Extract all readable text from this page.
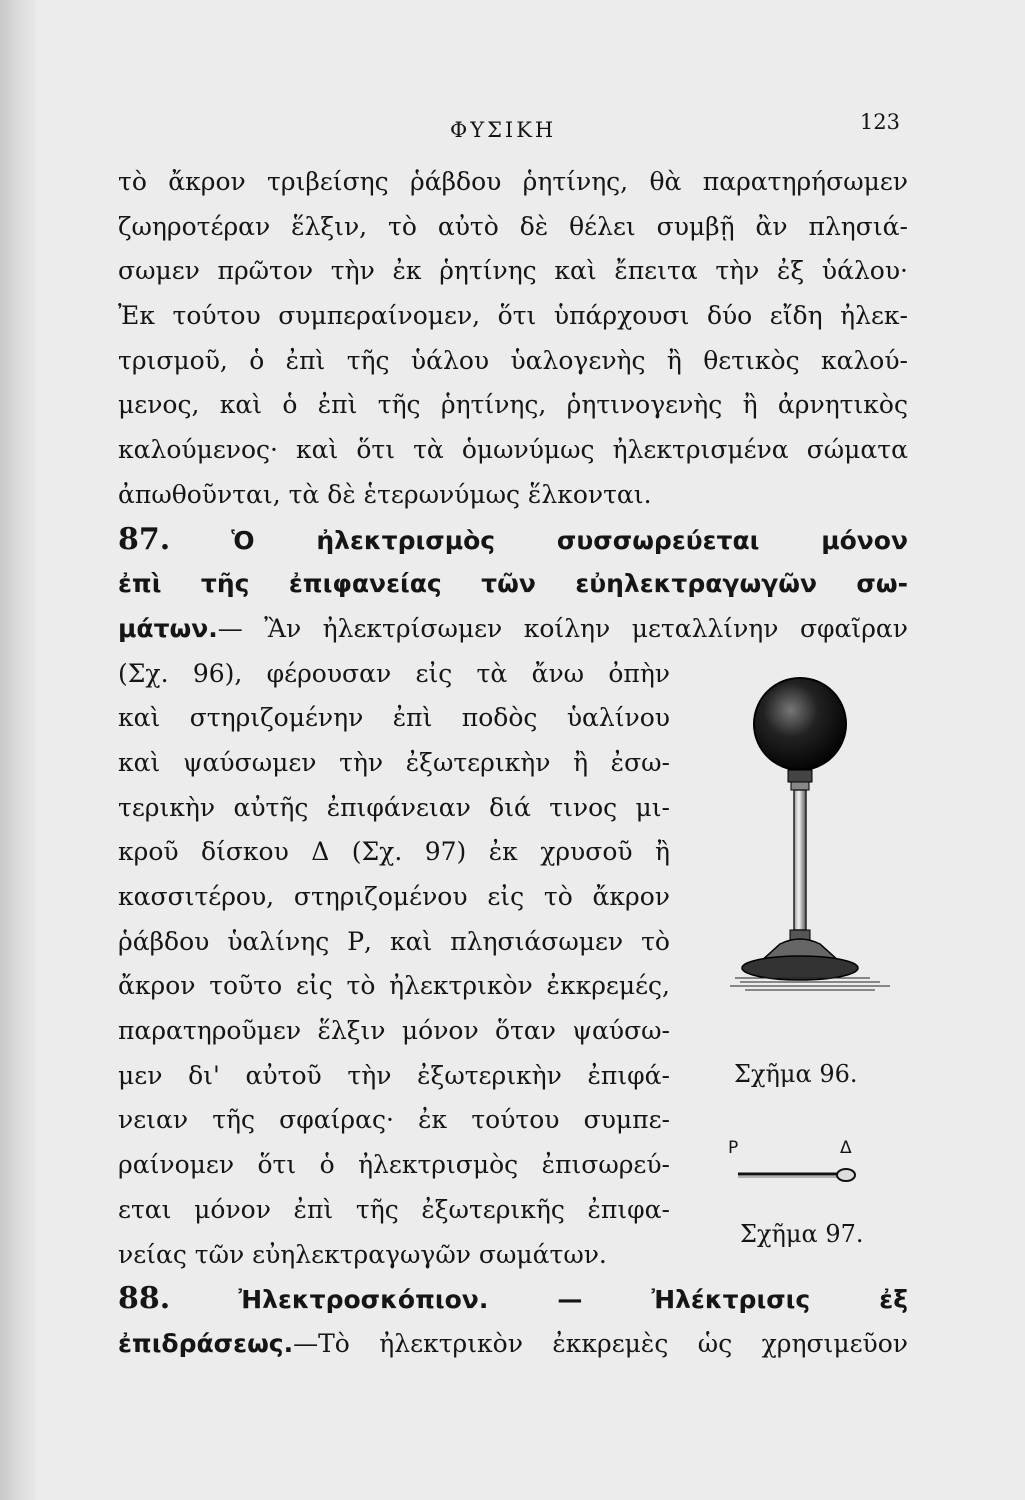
ΦΥΣΙΚΗ	123
τὸ ἄκρον τριβείσης ῥάβδου ῥητίνης, θὰ παρατηρήσωμεν
ζωηροτέραν ἕλξιν, τὸ αὐτὸ δὲ θέλει συμβῇ ἂν πλησιά-
σωμεν πρῶτον τὴν ἐκ ῥητίνης καὶ ἔπειτα τὴν ἐξ ὑάλου·
Ἐκ τούτου συμπεραίνομεν, ὅτι ὑπάρχουσι δύο εἴδη ἠλεκ-
τρισμοῦ, ὁ ἐπὶ τῆς ὑάλου ὑαλογενὴς ἢ θετικὸς καλού-
μενος, καὶ ὁ ἐπὶ τῆς ῥητίνης, ῥητινογενὴς ἢ ἀρνητικὸς
καλούμενος· καὶ ὅτι τὰ ὁμωνύμως ἠλεκτρισμένα σώματα
ἀπωθοῦνται, τὰ δὲ ἑτερωνύμως ἕλκονται.
87. Ὁ ἠλεκτρισμὸς συσσωρεύεται μόνον
ἐπὶ τῆς ἐπιφανείας τῶν εὐηλεκτραγωγῶν σω-
μάτων.— Ἂν ἠλεκτρίσωμεν κοίλην μεταλλίνην σφαῖραν
(Σχ. 96), φέρουσαν εἰς τὰ ἄνω ὀπὴν
καὶ στηριζομένην ἐπὶ ποδὸς ὑαλίνου
καὶ ψαύσωμεν τὴν ἐξωτερικὴν ἢ ἐσω-
τερικὴν αὐτῆς ἐπιφάνειαν διά τινος μι-
κροῦ δίσκου Δ (Σχ. 97) ἐκ χρυσοῦ ἢ
κασσιτέρου, στηριζομένου εἰς τὸ ἄκρον
ῥάβδου ὑαλίνης Ρ, καὶ πλησιάσωμεν τὸ
ἄκρον τοῦτο εἰς τὸ ἠλεκτρικὸν ἐκκρεμές,
παρατηροῦμεν ἕλξιν μόνον ὅταν ψαύσω-
μεν δι' αὐτοῦ τὴν ἐξωτερικὴν ἐπιφά-
νειαν τῆς σφαίρας· ἐκ τούτου συμπε-
ραίνομεν ὅτι ὁ ἠλεκτρισμὸς ἐπισωρεύ-
εται μόνον ἐπὶ τῆς ἐξωτερικῆς ἐπιφα-
νείας τῶν εὐηλεκτραγωγῶν σωμάτων.
88.	Ἠλεκτροσκόπιον. — Ἠλέκτρισις ἐξ
ἐπιδράσεως.—Τὸ ἠλεκτρικὸν ἐκκρεμὲς ὡς χρησιμεῦον
Σχῆμα 96.
Ρ	Δ
Σχῆμα 97.
